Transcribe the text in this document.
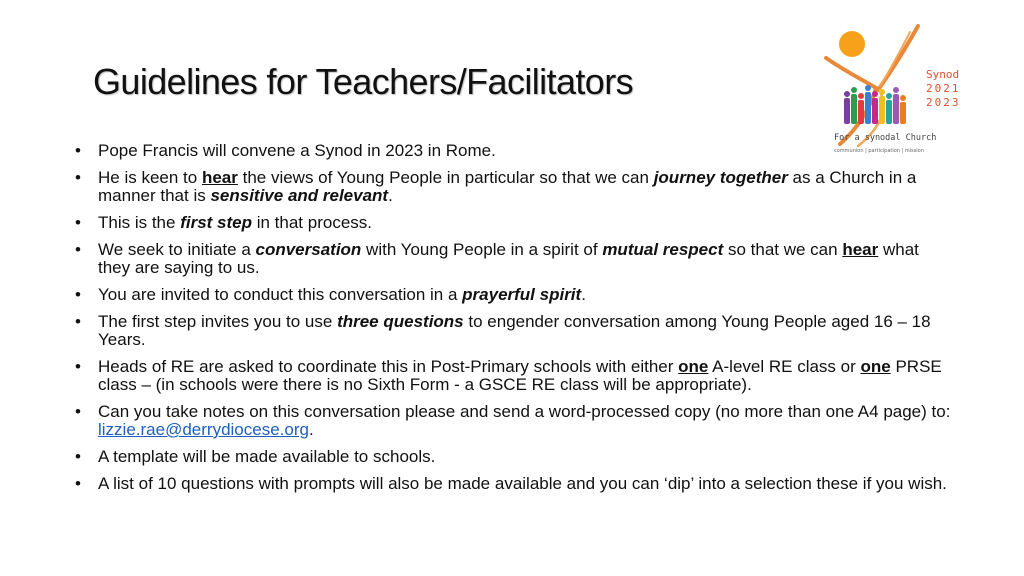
Guidelines for Teachers/Facilitators	Synod
2021
2023
For a synodal Church
communion | participation | mission
• Pope Francis will convene a Synod in 2023 in Rome.
• He is keen to hear the views of Young People in particular so that we can journey together as a Church in a manner that is sensitive and relevant.
• This is the first step in that process.
• We seek to initiate a conversation with Young People in a spirit of mutual respect so that we can hear what they are saying to us.
• You are invited to conduct this conversation in a prayerful spirit.
• The first step invites you to use three questions to engender conversation among Young People aged 16 – 18 Years.
• Heads of RE are asked to coordinate this in Post-Primary schools with either one A-level RE class or one PRSE class – (in schools were there is no Sixth Form - a GSCE RE class will be appropriate).
• Can you take notes on this conversation please and send a word-processed copy (no more than one A4 page) to: lizzie.rae@derrydiocese.org.
• A template will be made available to schools.
• A list of 10 questions with prompts will also be made available and you can ‘dip’ into a selection these if you wish.
